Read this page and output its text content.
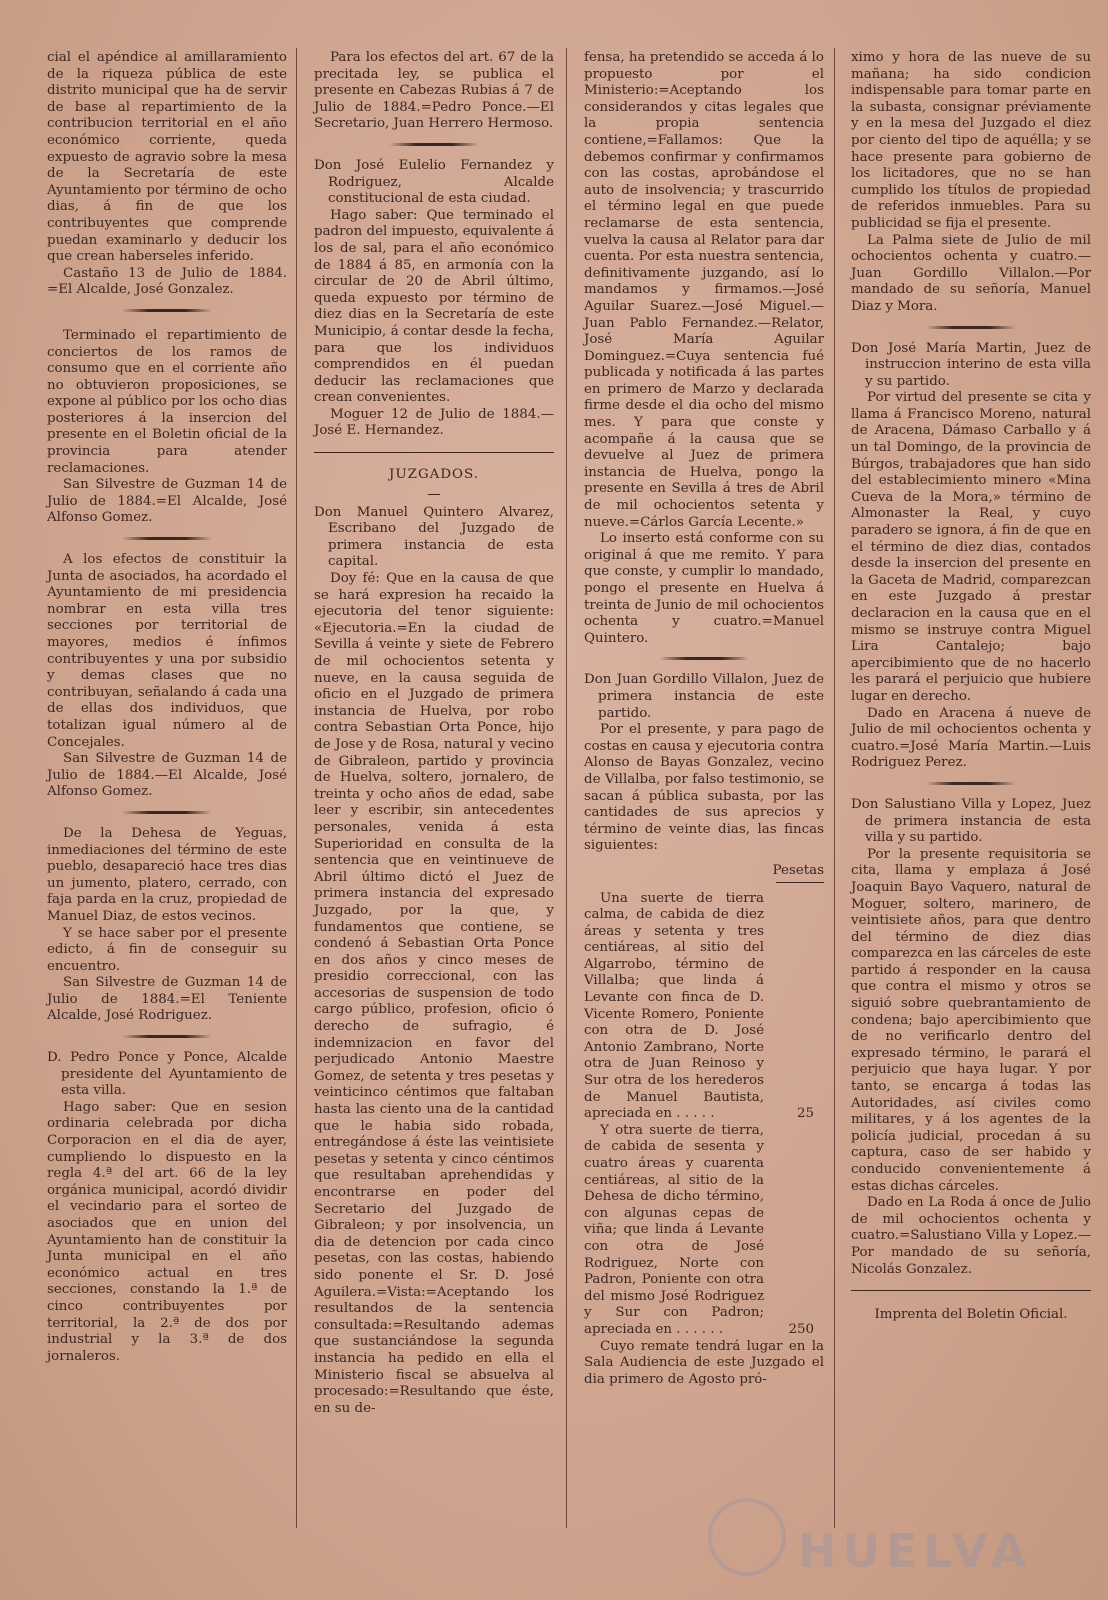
cial el apéndice al amillaramiento de la riqueza pública de este distrito municipal que ha de servir de base al repartimiento de la contribucion territorial en el año económico corriente, queda expuesto de agravio sobre la mesa de la Secretaría de este Ayuntamiento por término de ocho dias, á fin de que los contribuyentes que comprende puedan examinarlo y deducir los que crean haberseles inferido.

Castaño 13 de Julio de 1884. =El Alcalde, José Gonzalez.

Terminado el repartimiento de conciertos de los ramos de consumo que en el corriente año no obtuvieron proposiciones, se expone al público por los ocho dias posteriores á la insercion del presente en el Boletin oficial de la provincia para atender reclamaciones.

San Silvestre de Guzman 14 de Julio de 1884.=El Alcalde, José Alfonso Gomez.

A los efectos de constituir la Junta de asociados, ha acordado el Ayuntamiento de mi presidencia nombrar en esta villa tres secciones por territorial de mayores, medios é ínfimos contribuyentes y una por subsidio y demas clases que no contribuyan, señalando á cada una de ellas dos individuos, que totalizan igual número al de Concejales.

San Silvestre de Guzman 14 de Julio de 1884.—El Alcalde, José Alfonso Gomez.

De la Dehesa de Yeguas, inmediaciones del término de este pueblo, desapareció hace tres dias un jumento, platero, cerrado, con faja parda en la cruz, propiedad de Manuel Diaz, de estos vecinos.

Y se hace saber por el presente edicto, á fin de conseguir su encuentro.

San Silvestre de Guzman 14 de Julio de 1884.=El Teniente Alcalde, José Rodriguez.

D. Pedro Ponce y Ponce, Alcalde presidente del Ayuntamiento de esta villa.

Hago saber: Que en sesion ordinaria celebrada por dicha Corporacion en el dia de ayer, cumpliendo lo dispuesto en la regla 4.ª del art. 66 de la ley orgánica municipal, acordó dividir el vecindario para el sorteo de asociados que en union del Ayuntamiento han de constituir la Junta municipal en el año económico actual en tres secciones, constando la 1.ª de cinco contribuyentes por territorial, la 2.ª de dos por industrial y la 3.ª de dos jornaleros.

Para los efectos del art. 67 de la precitada ley, se publica el presente en Cabezas Rubias á 7 de Julio de 1884.=Pedro Ponce.—El Secretario, Juan Herrero Hermoso.

Don José Eulelio Fernandez y Rodriguez, Alcalde constitucional de esta ciudad.

Hago saber: Que terminado el padron del impuesto, equivalente á los de sal, para el año económico de 1884 á 85, en armonía con la circular de 20 de Abril último, queda expuesto por término de diez dias en la Secretaría de este Municipio, á contar desde la fecha, para que los individuos comprendidos en él puedan deducir las reclamaciones que crean convenientes.

Moguer 12 de Julio de 1884.—José E. Hernandez.

JUZGADOS.

Don Manuel Quintero Alvarez, Escribano del Juzgado de primera instancia de esta capital.

Doy fé: Que en la causa de que se hará expresion ha recaido la ejecutoria del tenor siguiente: «Ejecutoria.=En la ciudad de Sevilla á veinte y siete de Febrero de mil ochocientos setenta y nueve, en la causa seguida de oficio en el Juzgado de primera instancia de Huelva, por robo contra Sebastian Orta Ponce, hijo de Jose y de Rosa, natural y vecino de Gibraleon, partido y provincia de Huelva, soltero, jornalero, de treinta y ocho años de edad, sabe leer y escribir, sin antecedentes personales, venida á esta Superioridad en consulta de la sentencia que en veintinueve de Abril último dictó el Juez de primera instancia del expresado Juzgado, por la que, y fundamentos que contiene, se condenó á Sebastian Orta Ponce en dos años y cinco meses de presidio correccional, con las accesorias de suspension de todo cargo público, profesion, oficio ó derecho de sufragio, é indemnizacion en favor del perjudicado Antonio Maestre Gomez, de setenta y tres pesetas y veinticinco céntimos que faltaban hasta las ciento una de la cantidad que le habia sido robada, entregándose á éste las veintisiete pesetas y setenta y cinco céntimos que resultaban aprehendidas y encontrarse en poder del Secretario del Juzgado de Gibraleon; y por insolvencia, un dia de detencion por cada cinco pesetas, con las costas, habiendo sido ponente el Sr. D. José Aguilera.=Vista:=Aceptando los resultandos de la sentencia consultada:=Resultando ademas que sustanciándose la segunda instancia ha pedido en ella el Ministerio fiscal se absuelva al procesado:=Resultando que éste, en su de-

fensa, ha pretendido se acceda á lo propuesto por el Ministerio:=Aceptando los considerandos y citas legales que la propia sentencia contiene,=Fallamos: Que la debemos confirmar y confirmamos con las costas, aprobándose el auto de insolvencia; y trascurrido el término legal en que puede reclamarse de esta sentencia, vuelva la causa al Relator para dar cuenta. Por esta nuestra sentencia, definitivamente juzgando, así lo mandamos y firmamos.—José Aguilar Suarez.—José Miguel.—Juan Pablo Fernandez.—Relator, José María Aguilar Dominguez.=Cuya sentencia fué publicada y notificada á las partes en primero de Marzo y declarada firme desde el dia ocho del mismo mes. Y para que conste y acompañe á la causa que se devuelve al Juez de primera instancia de Huelva, pongo la presente en Sevilla á tres de Abril de mil ochocientos setenta y nueve.=Cárlos García Lecente.»

Lo inserto está conforme con su original á que me remito. Y para que conste, y cumplir lo mandado, pongo el presente en Huelva á treinta de Junio de mil ochocientos ochenta y cuatro.=Manuel Quintero.

Don Juan Gordillo Villalon, Juez de primera instancia de este partido.

Por el presente, y para pago de costas en causa y ejecutoria contra Alonso de Bayas Gonzalez, vecino de Villalba, por falso testimonio, se sacan á pública subasta, por las cantidades de sus aprecios y término de veinte dias, las fincas siguientes:

Pesetas

Una suerte de tierra calma, de cabida de diez áreas y setenta y tres centiáreas, al sitio del Algarrobo, término de Villalba; que linda á Levante con finca de D. Vicente Romero, Poniente con otra de D. José Antonio Zambrano, Norte otra de Juan Reinoso y Sur otra de los herederos de Manuel Bautista, apreciada en . . . . .	25

Y otra suerte de tierra, de cabida de sesenta y cuatro áreas y cuarenta centiáreas, al sitio de la Dehesa de dicho término, con algunas cepas de viña; que linda á Levante con otra de José Rodriguez, Norte con Padron, Poniente con otra del mismo José Rodriguez y Sur con Padron; apreciada en . . . . . .	250

Cuyo remate tendrá lugar en la Sala Audiencia de este Juzgado el dia primero de Agosto pró-

ximo y hora de las nueve de su mañana; ha sido condicion indispensable para tomar parte en la subasta, consignar préviamente y en la mesa del Juzgado el diez por ciento del tipo de aquélla; y se hace presente para gobierno de los licitadores, que no se han cumplido los títulos de propiedad de referidos inmuebles. Para su publicidad se fija el presente.

La Palma siete de Julio de mil ochocientos ochenta y cuatro.—Juan Gordillo Villalon.—Por mandado de su señoría, Manuel Diaz y Mora.

Don José María Martin, Juez de instruccion interino de esta villa y su partido.

Por virtud del presente se cita y llama á Francisco Moreno, natural de Aracena, Dámaso Carballo y á un tal Domingo, de la provincia de Búrgos, trabajadores que han sido del establecimiento minero «Mina Cueva de la Mora,» término de Almonaster la Real, y cuyo paradero se ignora, á fin de que en el término de diez dias, contados desde la insercion del presente en la Gaceta de Madrid, comparezcan en este Juzgado á prestar declaracion en la causa que en el mismo se instruye contra Miguel Lira Cantalejo; bajo apercibimiento que de no hacerlo les parará el perjuicio que hubiere lugar en derecho.

Dado en Aracena á nueve de Julio de mil ochocientos ochenta y cuatro.=José María Martin.—Luis Rodriguez Perez.

Don Salustiano Villa y Lopez, Juez de primera instancia de esta villa y su partido.

Por la presente requisitoria se cita, llama y emplaza á José Joaquin Bayo Vaquero, natural de Moguer, soltero, marinero, de veintisiete años, para que dentro del término de diez dias comparezca en las cárceles de este partido á responder en la causa que contra el mismo y otros se siguió sobre quebrantamiento de condena; bajo apercibimiento que de no verificarlo dentro del expresado término, le parará el perjuicio que haya lugar. Y por tanto, se encarga á todas las Autoridades, así civiles como militares, y á los agentes de la policía judicial, procedan á su captura, caso de ser habido y conducido convenientemente á estas dichas cárceles.

Dado en La Roda á once de Julio de mil ochocientos ochenta y cuatro.=Salustiano Villa y Lopez.—Por mandado de su señoría, Nicolás Gonzalez.

Imprenta del Boletin Oficial.

HUELVA
